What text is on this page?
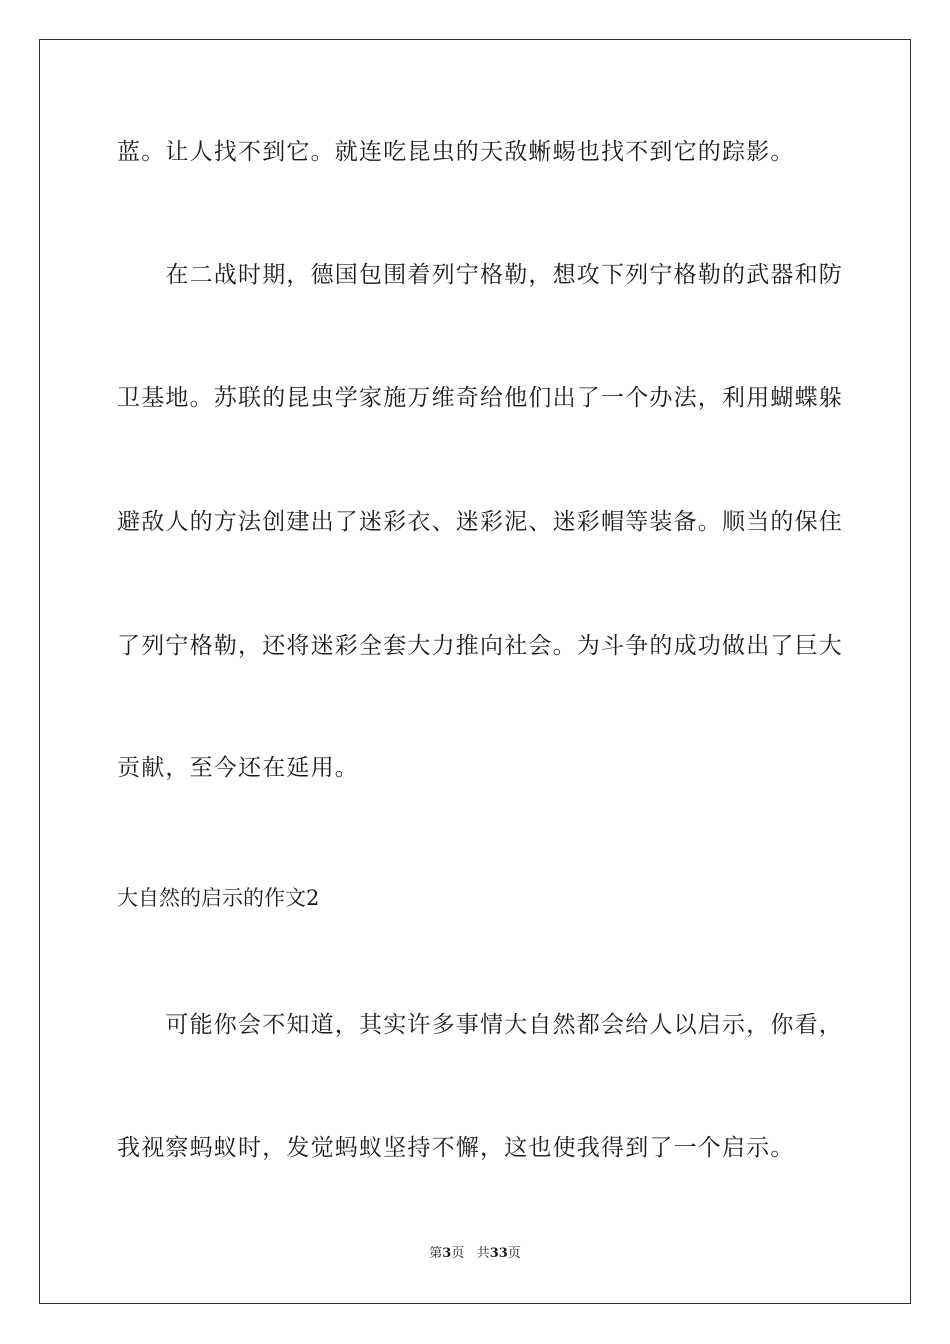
蓝。让人找不到它。就连吃昆虫的天敌蜥蜴也找不到它的踪影。
　　在二战时期，德国包围着列宁格勒，想攻下列宁格勒的武器和防
卫基地。苏联的昆虫学家施万维奇给他们出了一个办法，利用蝴蝶躲
避敌人的方法创建出了迷彩衣、迷彩泥、迷彩帽等装备。顺当的保住
了列宁格勒，还将迷彩全套大力推向社会。为斗争的成功做出了巨大
贡献，至今还在延用。
大自然的启示的作文2
　　可能你会不知道，其实许多事情大自然都会给人以启示，你看，
我视察蚂蚁时，发觉蚂蚁坚持不懈，这也使我得到了一个启示。
第3页 共33页
